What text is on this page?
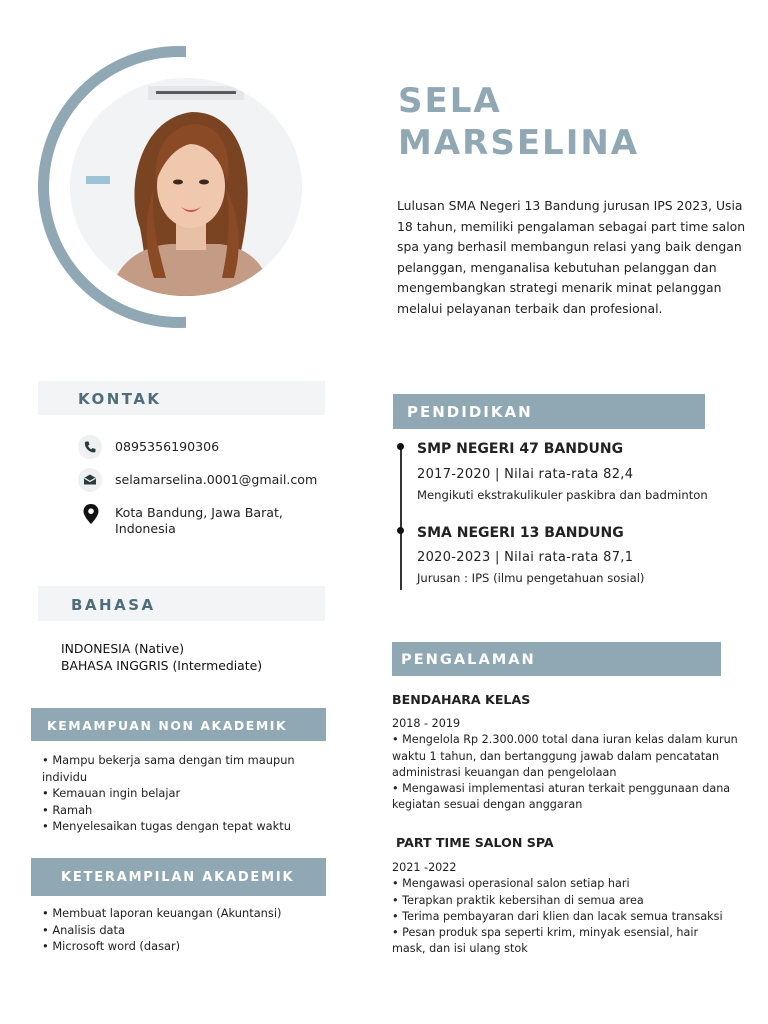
SELA
MARSELINA
Lulusan SMA Negeri 13 Bandung jurusan IPS 2023, Usia 18 tahun, memiliki pengalaman sebagai part time salon spa yang berhasil membangun relasi yang baik dengan pelanggan, menganalisa kebutuhan pelanggan dan mengembangkan strategi menarik minat pelanggan melalui pelayanan terbaik dan profesional.
KONTAK
0895356190306
selamarselina.0001@gmail.com
Kota Bandung, Jawa Barat,
Indonesia
BAHASA
INDONESIA (Native)
BAHASA INGGRIS (Intermediate)
KEMAMPUAN NON AKADEMIK
• Mampu bekerja sama dengan tim maupun
individu
• Kemauan ingin belajar
• Ramah
• Menyelesaikan tugas dengan tepat waktu
KETERAMPILAN AKADEMIK
• Membuat laporan keuangan (Akuntansi)
• Analisis data
• Microsoft word (dasar)
PENDIDIKAN
SMP NEGERI 47 BANDUNG
2017-2020 | Nilai rata-rata 82,4
Mengikuti ekstrakulikuler paskibra dan badminton
SMA NEGERI 13 BANDUNG
2020-2023 | Nilai rata-rata 87,1
Jurusan : IPS (ilmu pengetahuan sosial)
PENGALAMAN
BENDAHARA KELAS
2018 - 2019
• Mengelola Rp 2.300.000 total dana iuran kelas dalam kurun
waktu 1 tahun, dan bertanggung jawab dalam pencatatan
administrasi keuangan dan pengelolaan
• Mengawasi implementasi aturan terkait penggunaan dana
kegiatan sesuai dengan anggaran
PART TIME SALON SPA
2021 -2022
• Mengawasi operasional salon setiap hari
• Terapkan praktik kebersihan di semua area
• Terima pembayaran dari klien dan lacak semua transaksi
• Pesan produk spa seperti krim, minyak esensial, hair
mask, dan isi ulang stok
